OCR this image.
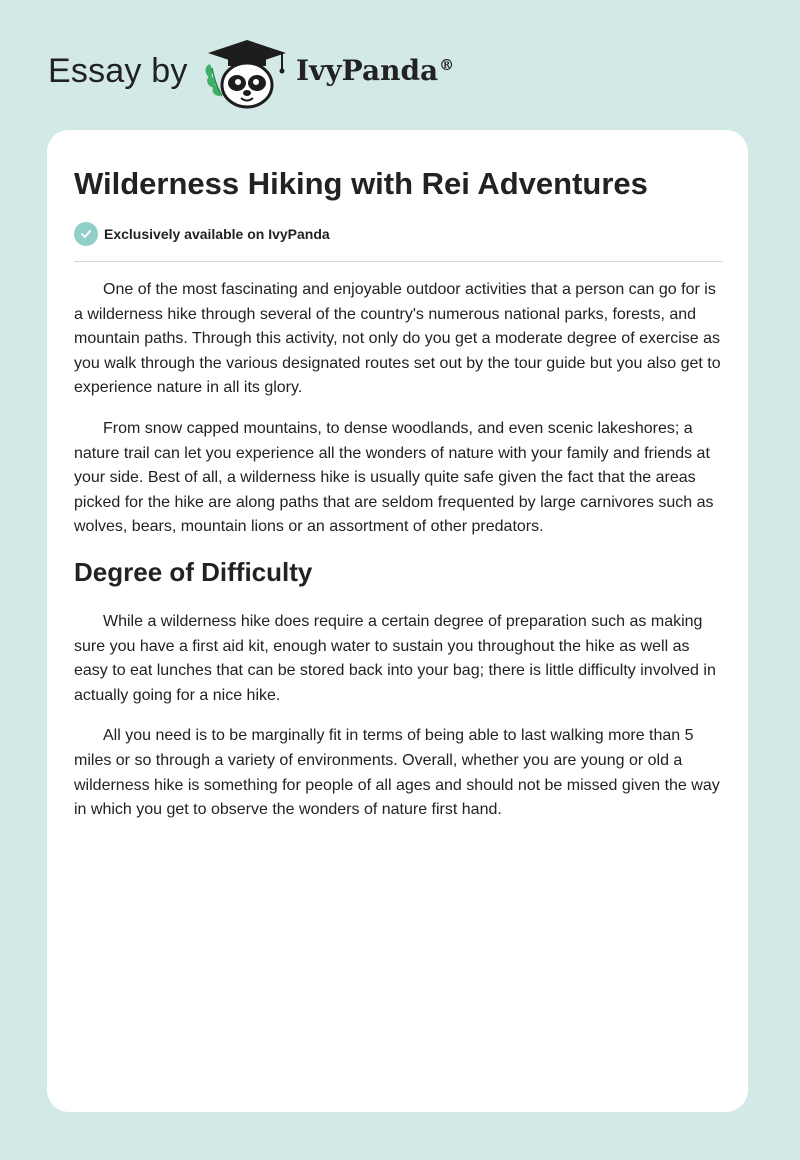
Essay by	IvyPanda®
Wilderness Hiking with Rei Adventures
Exclusively available on IvyPanda

One of the most fascinating and enjoyable outdoor activities that a person can go for is a wilderness hike through several of the country's numerous national parks, forests, and mountain paths. Through this activity, not only do you get a moderate degree of exercise as you walk through the various designated routes set out by the tour guide but you also get to experience nature in all its glory.

From snow capped mountains, to dense woodlands, and even scenic lakeshores; a nature trail can let you experience all the wonders of nature with your family and friends at your side. Best of all, a wilderness hike is usually quite safe given the fact that the areas picked for the hike are along paths that are seldom frequented by large carnivores such as wolves, bears, mountain lions or an assortment of other predators.

Degree of Difficulty

While a wilderness hike does require a certain degree of preparation such as making sure you have a first aid kit, enough water to sustain you throughout the hike as well as easy to eat lunches that can be stored back into your bag; there is little difficulty involved in actually going for a nice hike.

All you need is to be marginally fit in terms of being able to last walking more than 5 miles or so through a variety of environments. Overall, whether you are young or old a wilderness hike is something for people of all ages and should not be missed given the way in which you get to observe the wonders of nature first hand.
